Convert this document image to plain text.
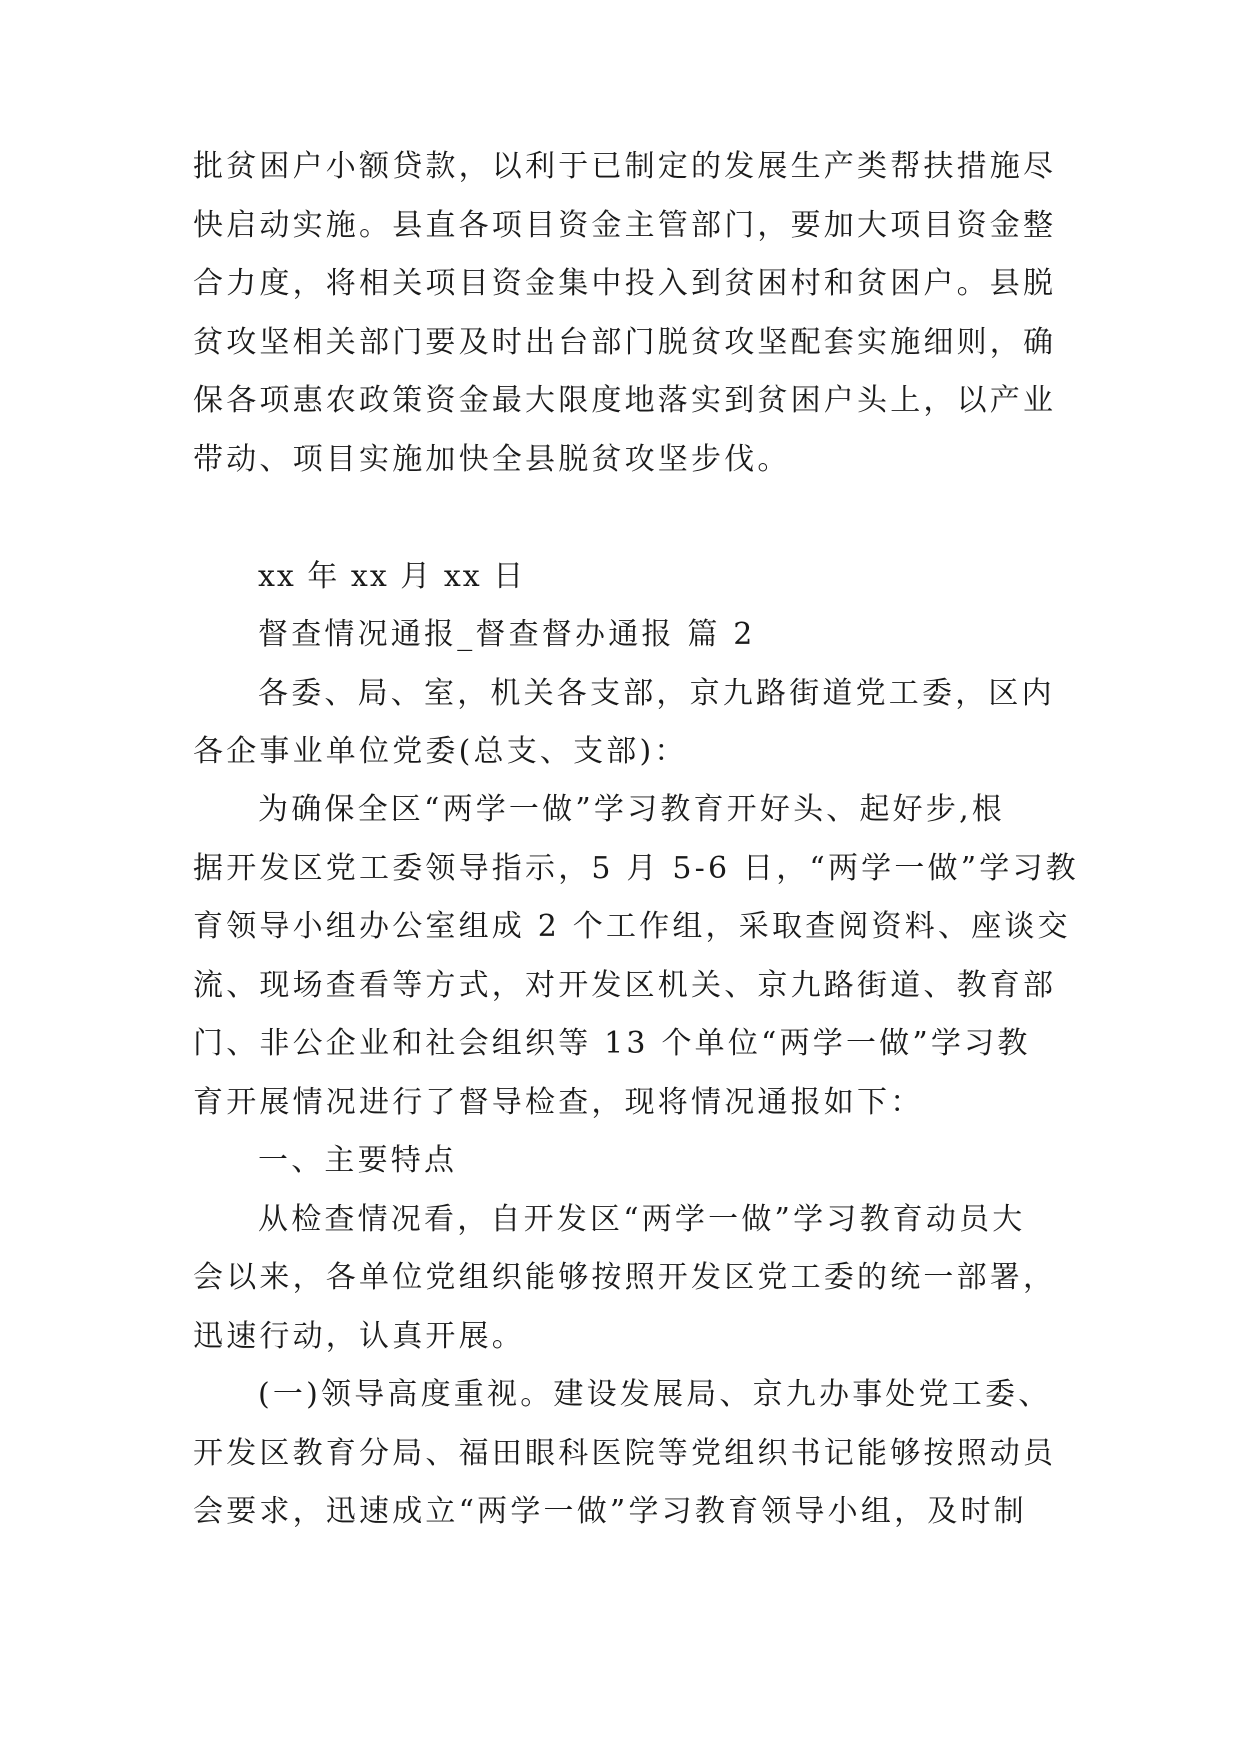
批贫困户小额贷款，以利于已制定的发展生产类帮扶措施尽
快启动实施。县直各项目资金主管部门，要加大项目资金整
合力度，将相关项目资金集中投入到贫困村和贫困户。县脱
贫攻坚相关部门要及时出台部门脱贫攻坚配套实施细则，确
保各项惠农政策资金最大限度地落实到贫困户头上，以产业
带动、项目实施加快全县脱贫攻坚步伐。
xx 年 xx 月 xx 日
督查情况通报_督查督办通报 篇 2
各委、局、室，机关各支部，京九路街道党工委，区内
各企事业单位党委(总支、支部)：
为确保全区“两学一做”学习教育开好头、起好步,根
据开发区党工委领导指示，5 月 5-6 日，“两学一做”学习教
育领导小组办公室组成 2 个工作组，采取查阅资料、座谈交
流、现场查看等方式，对开发区机关、京九路街道、教育部
门、非公企业和社会组织等 13 个单位“两学一做”学习教
育开展情况进行了督导检查，现将情况通报如下：
一、主要特点
从检查情况看，自开发区“两学一做”学习教育动员大
会以来，各单位党组织能够按照开发区党工委的统一部署，
迅速行动，认真开展。
(一)领导高度重视。建设发展局、京九办事处党工委、
开发区教育分局、福田眼科医院等党组织书记能够按照动员
会要求，迅速成立“两学一做”学习教育领导小组，及时制
